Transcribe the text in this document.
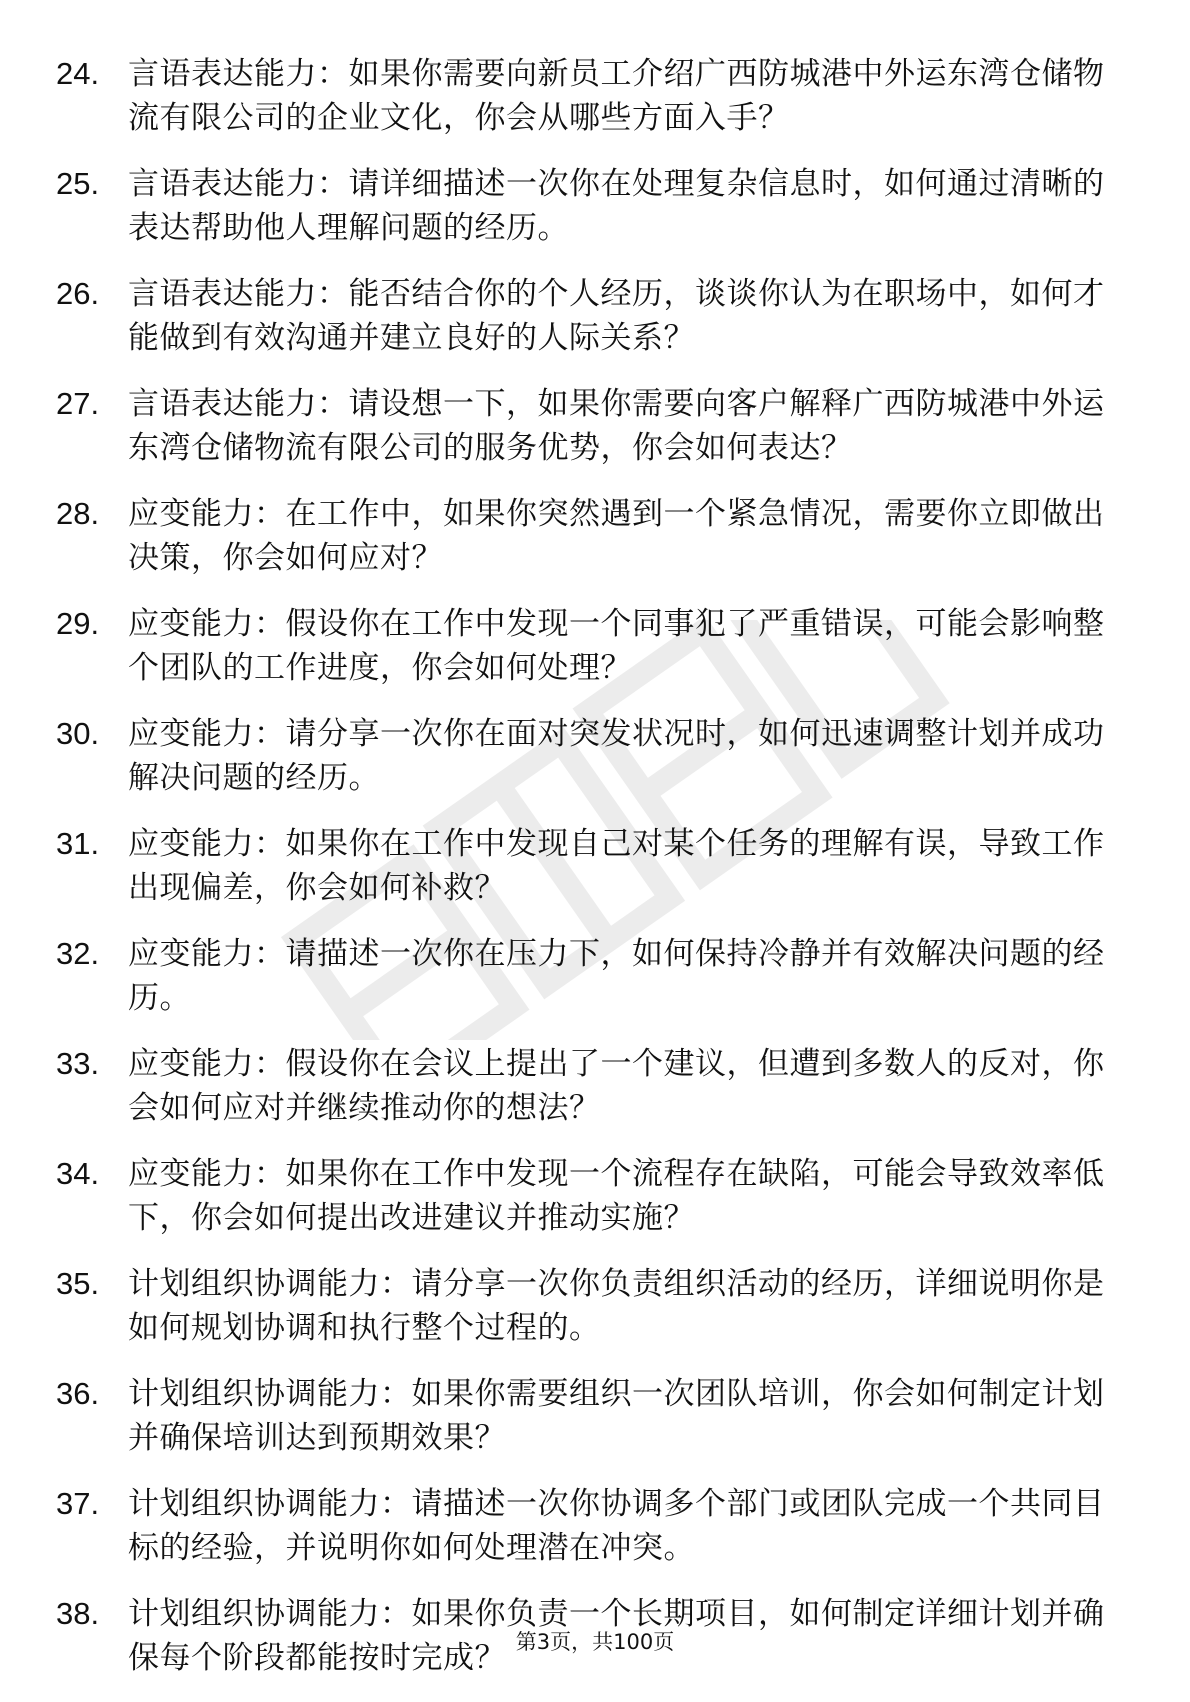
24. 言语表达能力：如果你需要向新员工介绍广西防城港中外运东湾仓储物流有限公司的企业文化，你会从哪些方面入手？
25. 言语表达能力：请详细描述一次你在处理复杂信息时，如何通过清晰的表达帮助他人理解问题的经历。
26. 言语表达能力：能否结合你的个人经历，谈谈你认为在职场中，如何才能做到有效沟通并建立良好的人际关系？
27. 言语表达能力：请设想一下，如果你需要向客户解释广西防城港中外运东湾仓储物流有限公司的服务优势，你会如何表达？
28. 应变能力：在工作中，如果你突然遇到一个紧急情况，需要你立即做出决策，你会如何应对？
29. 应变能力：假设你在工作中发现一个同事犯了严重错误，可能会影响整个团队的工作进度，你会如何处理？
30. 应变能力：请分享一次你在面对突发状况时，如何迅速调整计划并成功解决问题的经历。
31. 应变能力：如果你在工作中发现自己对某个任务的理解有误，导致工作出现偏差，你会如何补救？
32. 应变能力：请描述一次你在压力下，如何保持冷静并有效解决问题的经历。
33. 应变能力：假设你在会议上提出了一个建议，但遭到多数人的反对，你会如何应对并继续推动你的想法？
34. 应变能力：如果你在工作中发现一个流程存在缺陷，可能会导致效率低下，你会如何提出改进建议并推动实施？
35. 计划组织协调能力：请分享一次你负责组织活动的经历，详细说明你是如何规划协调和执行整个过程的。
36. 计划组织协调能力：如果你需要组织一次团队培训，你会如何制定计划并确保培训达到预期效果？
37. 计划组织协调能力：请描述一次你协调多个部门或团队完成一个共同目标的经验，并说明你如何处理潜在冲突。
38. 计划组织协调能力：如果你负责一个长期项目，如何制定详细计划并确保每个阶段都能按时完成？ 第3页，共100页
